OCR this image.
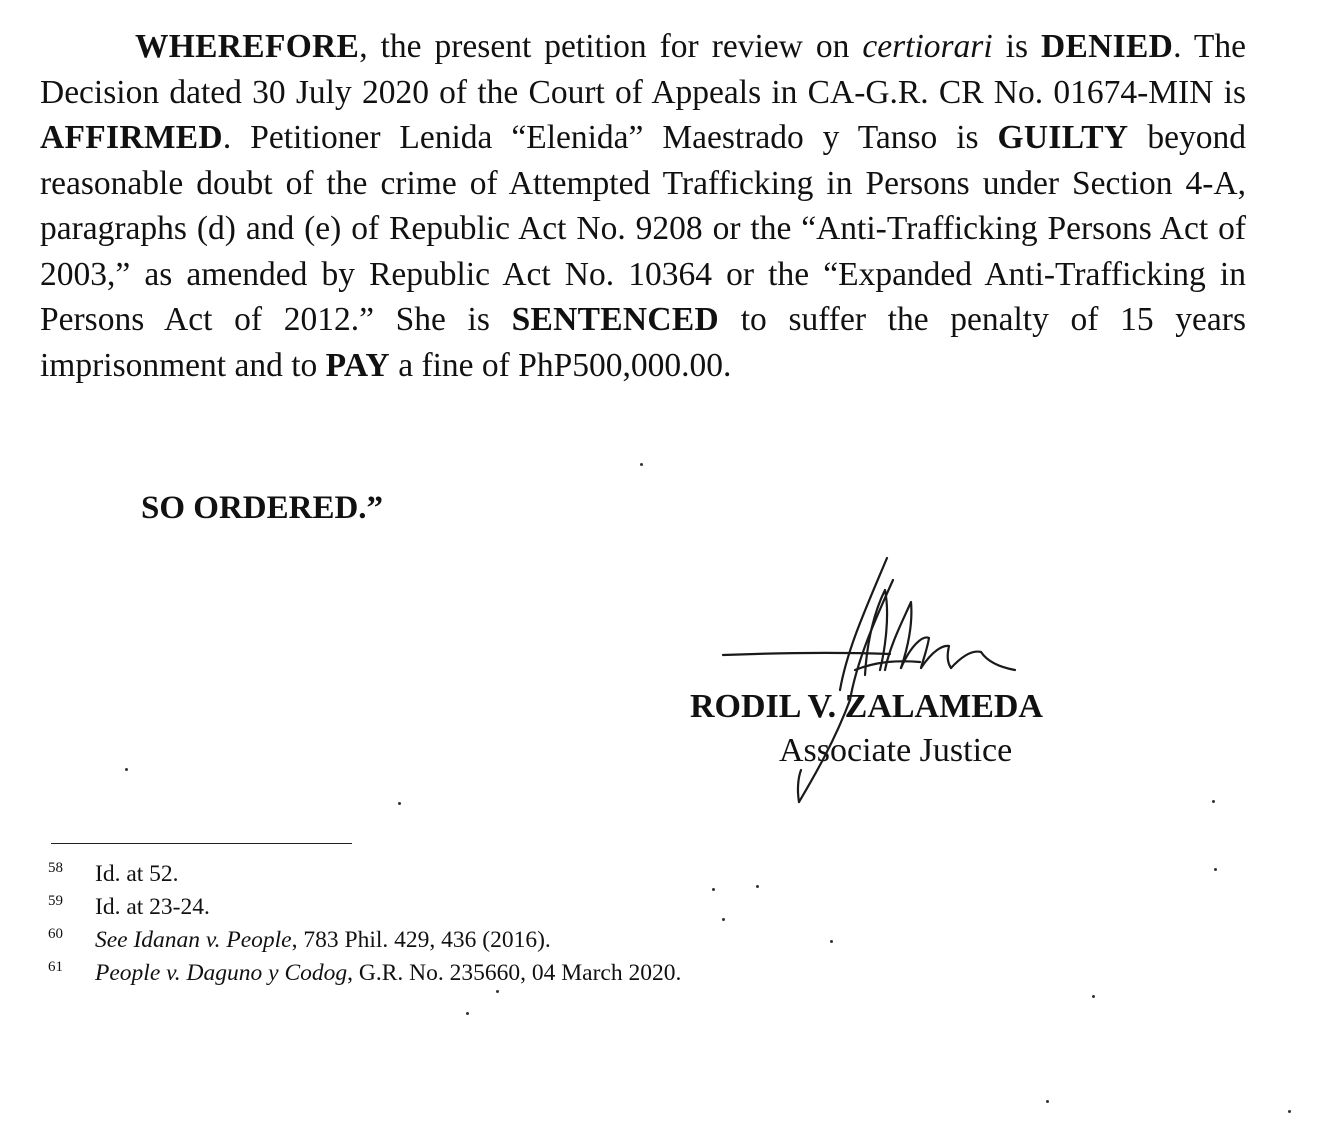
WHEREFORE, the present petition for review on certiorari is DENIED. The Decision dated 30 July 2020 of the Court of Appeals in CA-G.R. CR No. 01674-MIN is AFFIRMED. Petitioner Lenida “Elenida” Maestrado y Tanso is GUILTY beyond reasonable doubt of the crime of Attempted Trafficking in Persons under Section 4-A, paragraphs (d) and (e) of Republic Act No. 9208 or the “Anti-Trafficking Persons Act of 2003,” as amended by Republic Act No. 10364 or the “Expanded Anti-Trafficking in Persons Act of 2012.” She is SENTENCED to suffer the penalty of 15 years imprisonment and to PAY a fine of PhP500,000.00.

SO ORDERED.”

RODIL V. ZALAMEDA

Associate Justice

58 Id. at 52.
59 Id. at 23-24.
60 See Idanan v. People, 783 Phil. 429, 436 (2016).
61 People v. Daguno y Codog, G.R. No. 235660, 04 March 2020.
